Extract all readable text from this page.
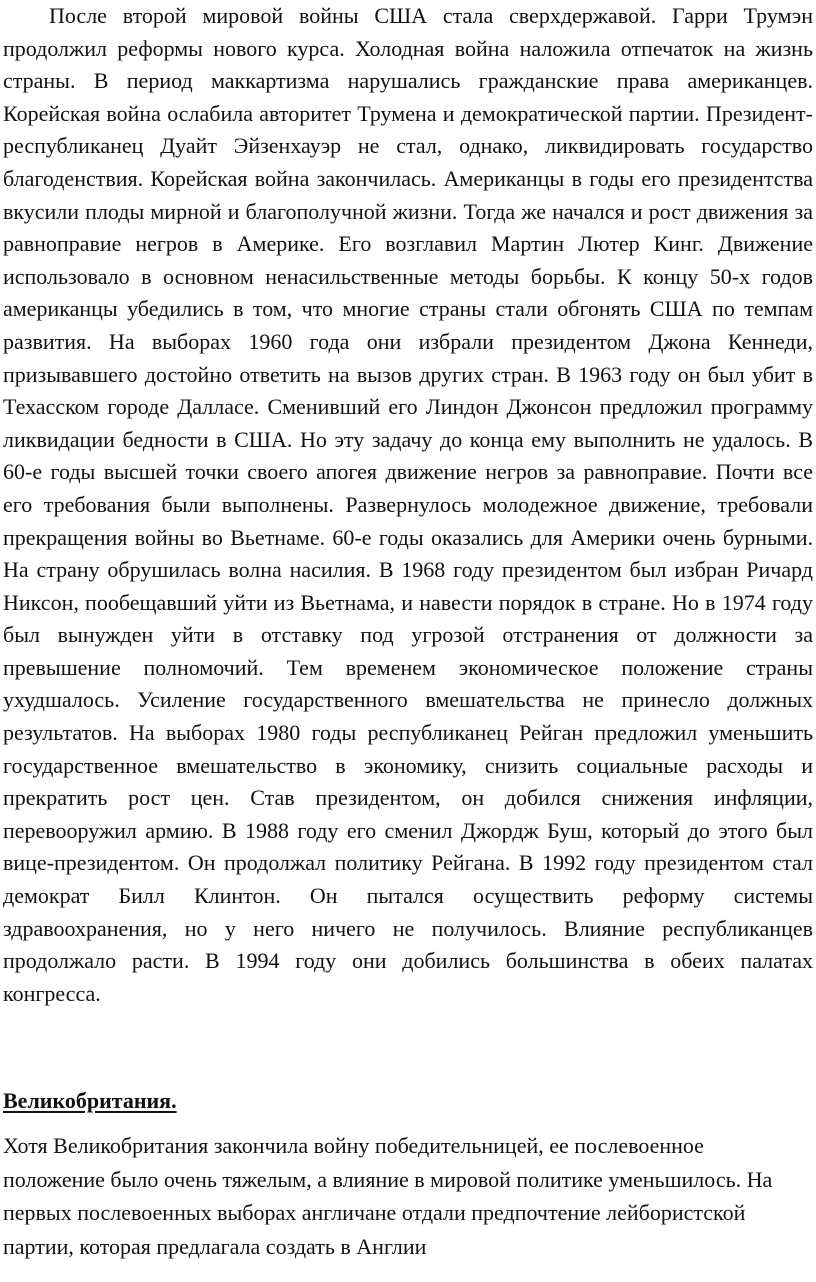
После второй мировой войны США стала сверхдержавой. Гарри Трумэн продолжил реформы нового курса. Холодная война наложила отпечаток на жизнь страны. В период маккартизма нарушались гражданские права американцев. Корейская война ослабила авторитет Трумена и демократической партии. Президент-республиканец Дуайт Эйзенхауэр не стал, однако, ликвидировать государство благоденствия. Корейская война закончилась. Американцы в годы его президентства вкусили плоды мирной и благополучной жизни. Тогда же начался и рост движения за равноправие негров в Америке. Его возглавил Мартин Лютер Кинг. Движение использовало в основном ненасильственные методы борьбы. К концу 50-х годов американцы убедились в том, что многие страны стали обгонять США по темпам развития. На выборах 1960 года они избрали президентом Джона Кеннеди, призывавшего достойно ответить на вызов других стран. В 1963 году он был убит в Техасском городе Далласе. Сменивший его Линдон Джонсон предложил программу ликвидации бедности в США. Но эту задачу до конца ему выполнить не удалось. В 60-е годы высшей точки своего апогея движение негров за равноправие. Почти все его требования были выполнены. Развернулось молодежное движение, требовали прекращения войны во Вьетнаме. 60-е годы оказались для Америки очень бурными. На страну обрушилась волна насилия. В 1968 году президентом был избран Ричард Никсон, пообещавший уйти из Вьетнама, и навести порядок в стране. Но в 1974 году был вынужден уйти в отставку под угрозой отстранения от должности за превышение полномочий. Тем временем экономическое положение страны ухудшалось. Усиление государственного вмешательства не принесло должных результатов. На выборах 1980 годы республиканец Рейган предложил уменьшить государственное вмешательство в экономику, снизить социальные расходы и прекратить рост цен. Став президентом, он добился снижения инфляции, перевооружил армию. В 1988 году его сменил Джордж Буш, который до этого был вице-президентом. Он продолжал политику Рейгана. В 1992 году президентом стал демократ Билл Клинтон. Он пытался осуществить реформу системы здравоохранения, но у него ничего не получилось. Влияние республиканцев продолжало расти. В 1994 году они добились большинства в обеих палатах конгресса.

Великобритания.

Хотя Великобритания закончила войну победительницей, ее послевоенное положение было очень тяжелым, а влияние в мировой политике уменьшилось. На первых послевоенных выборах англичане отдали предпочтение лейбористской партии, которая предлагала создать в Англии
